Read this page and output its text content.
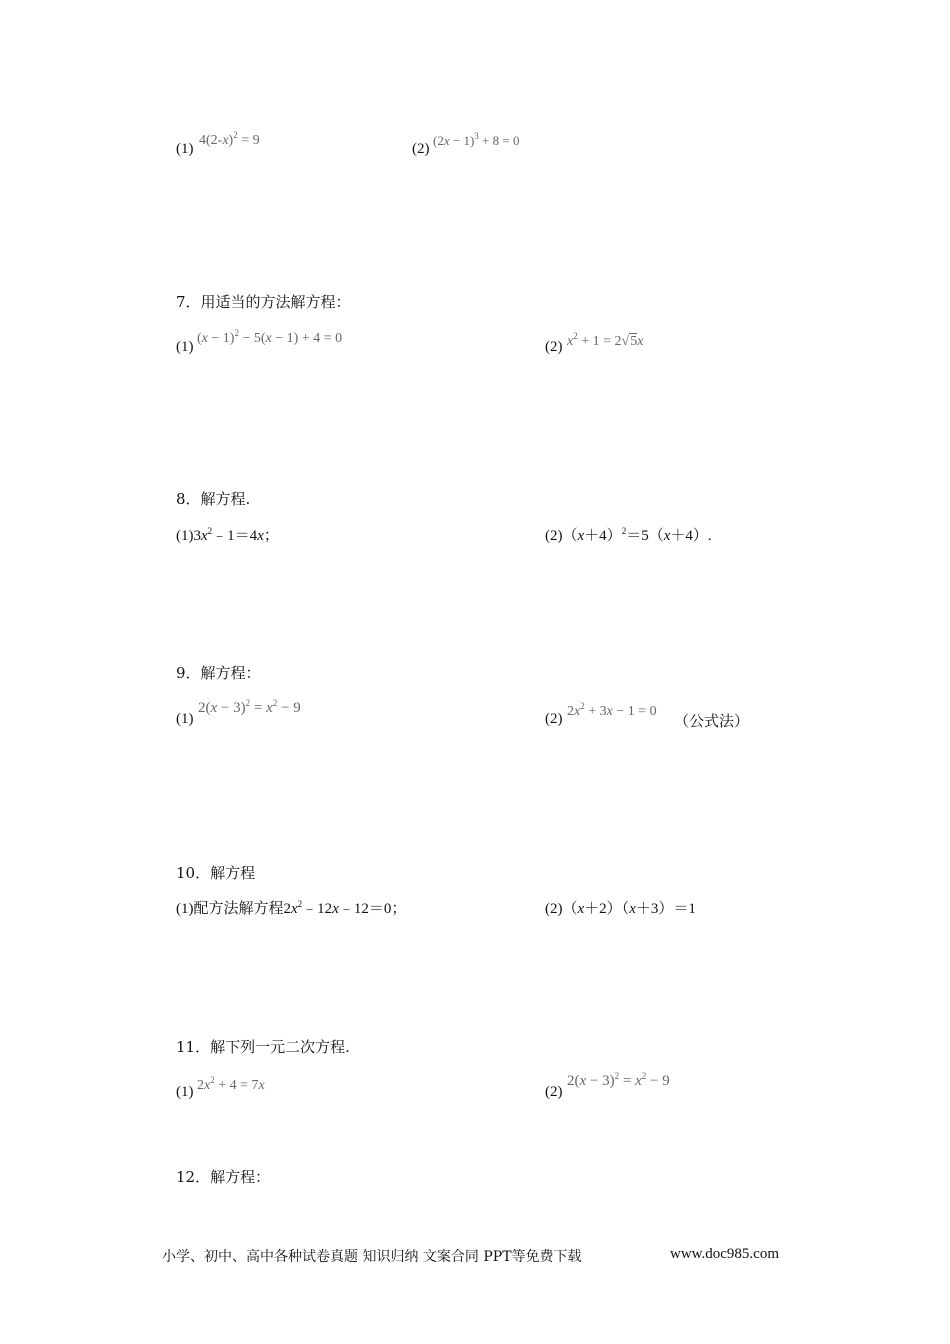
(1)
$4(2-x)^2 = 9$
(2)
$(2x - 1)^3 + 8 = 0$
7．用适当的方法解方程：
(1)
$(x - 1)^2 - 5(x - 1) + 4 = 0$
(2) $x^2 + 1 = 2√5x$
8．解方程.
$(1)3x^2﹣1=4x$；	$(2)(x+4)^2=5(x+4)$.
9．解方程：
(1)
$2(x - 3)^2 = x^2 - 9$
(2) $2x^2 + 3x - 1 = 0$
（公式法）
10．解方程
(1)配方法解方程$2x^2﹣12x﹣12=0$；	(2)（x＋2）（x＋3）＝1
11．解下列一元二次方程.
(1) $2x^2 + 4 = 7x$	(2)
$2(x - 3)^2 = x^2 - 9$
12．解方程：
小学、初中、高中各种试卷真题 知识归纳 文案合同 PPT等免费下载	www.doc985.com
